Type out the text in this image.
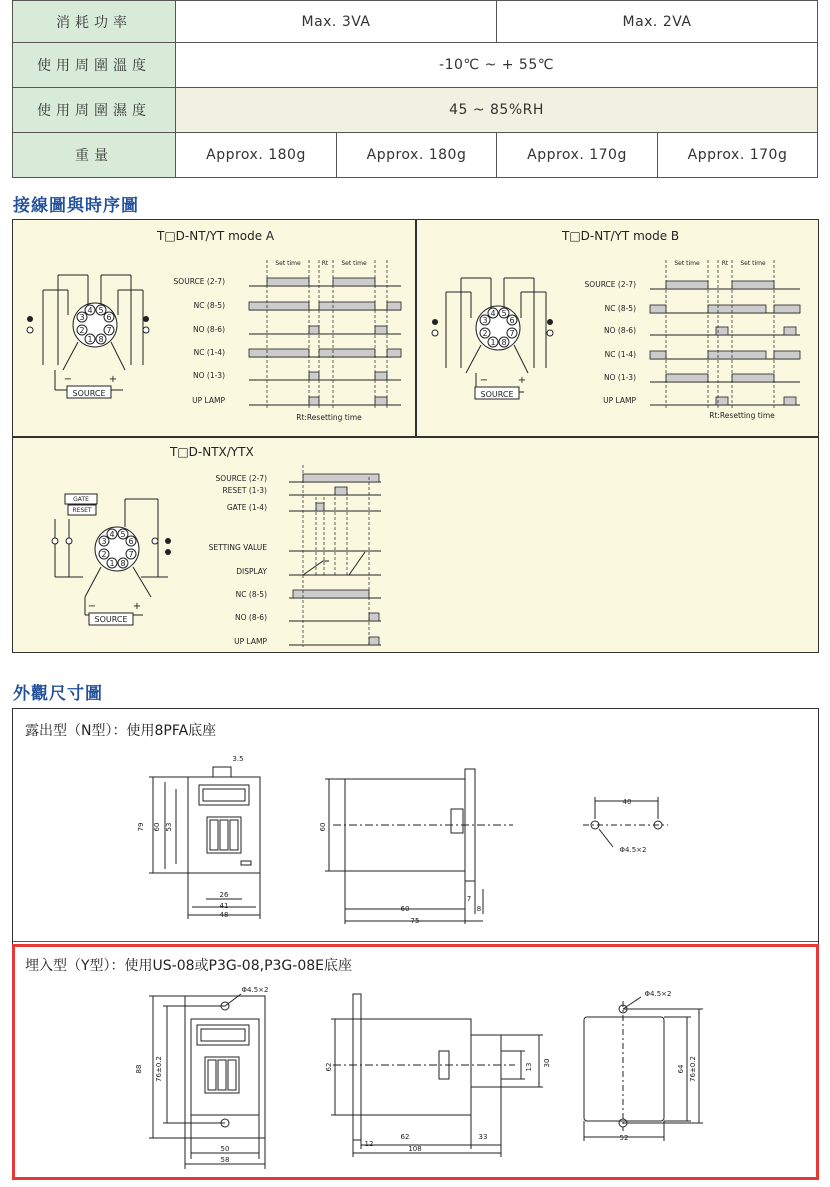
消耗功率	Max. 3VA		Max. 2VA	
使用周圍溫度	-10℃ ~ + 55℃			
使用周圍濕度	45 ~ 85%RH			
重量	Approx. 180g	Approx. 180g	Approx. 170g	Approx. 170g
接線圖與時序圖
T□D-NT/YT mode A
3
4 5
6
2	7
1 8
−	+
SOURCE
SOURCE (2-7)
NC (8-5)
NO (8-6)
NC (1-4)
NO (1-3)
UP LAMP
Set time	Rt Set time
Rt:Resetting time
T□D-NT/YT mode B
3
4 5
6
2	7
1 8
−	+
SOURCE
SOURCE (2-7)
NC (8-5)
NO (8-6)
NC (1-4)
NO (1-3)
UP LAMP
Set time	Rt Set time
Rt:Resetting time
T□D-NTX/YTX
GATE
RESET
3
4 5
6
2	7
1 8
−	+
SOURCE
SOURCE (2-7)
RESET (1-3)
GATE (1-4)
SETTING VALUE
DISPLAY
NC (8-5)
NO (8-6)
UP LAMP
外觀尺寸圖
露出型（N型）：使用8PFA底座
埋入型（Y型）：使用US-08或P3G-08,P3G-08E底座
3.5
79 60 53
26
41
48
60
60
7
8
75
40
Φ4.5×2
Φ4.5×2
88 76±0.2
50
58
62
12
62	33
108
13 30
Φ4.5×2
64 76±0.2
52
